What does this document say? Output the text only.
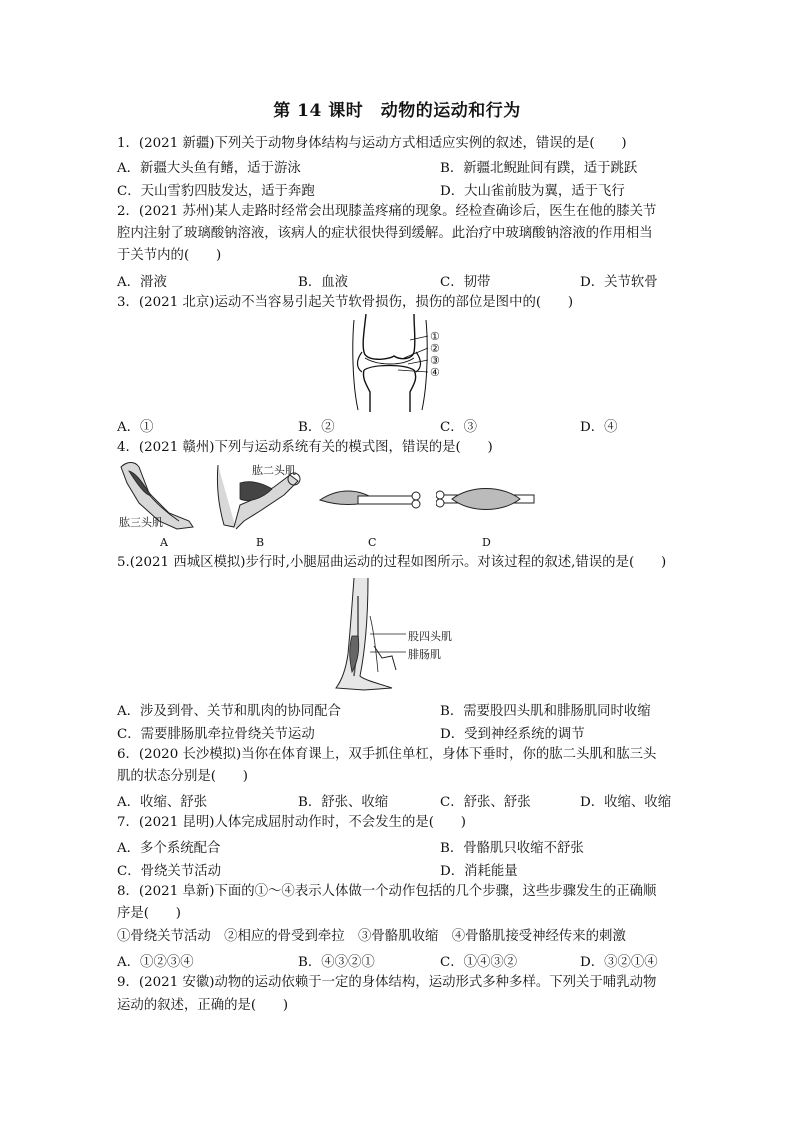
第 14 课时　动物的运动和行为
1．(2021 新疆)下列关于动物身体结构与运动方式相适应实例的叙述，错误的是(　　)
A．新疆大头鱼有鳍，适于游泳	B．新疆北鲵趾间有蹼，适于跳跃
C．天山雪豹四肢发达，适于奔跑	D．大山雀前肢为翼，适于飞行
2．(2021 苏州)某人走路时经常会出现膝盖疼痛的现象。经检查确诊后，医生在他的膝关节
腔内注射了玻璃酸钠溶液，该病人的症状很快得到缓解。此治疗中玻璃酸钠溶液的作用相当
于关节内的(　　)
A．滑液	B．血液	C．韧带	D．关节软骨
3．(2021 北京)运动不当容易引起关节软骨损伤，损伤的部位是图中的(　　)
①
②
③
④
A．①	B．②	C．③	D．④
4．(2021 赣州)下列与运动系统有关的模式图，错误的是(　　)
肱三头肌
肱二头肌
A	B	C	D
5.(2021 西城区模拟)步行时,小腿屈曲运动的过程如图所示。对该过程的叙述,错误的是(　　)
股四头肌
腓肠肌
A．涉及到骨、关节和肌肉的协同配合	B．需要股四头肌和腓肠肌同时收缩
C．需要腓肠肌牵拉骨绕关节运动	D．受到神经系统的调节
6．(2020 长沙模拟)当你在体育课上，双手抓住单杠，身体下垂时，你的肱二头肌和肱三头
肌的状态分别是(　　)
A．收缩、舒张	B．舒张、收缩	C．舒张、舒张	D．收缩、收缩
7．(2021 昆明)人体完成屈肘动作时，不会发生的是(　　)
A．多个系统配合	B．骨骼肌只收缩不舒张
C．骨绕关节活动	D．消耗能量
8．(2021 阜新)下面的①～④表示人体做一个动作包括的几个步骤，这些步骤发生的正确顺
序是(　　)
①骨绕关节活动　②相应的骨受到牵拉　③骨骼肌收缩　④骨骼肌接受神经传来的刺激
A．①②③④	B．④③②①	C．①④③②	D．③②①④
9．(2021 安徽)动物的运动依赖于一定的身体结构，运动形式多种多样。下列关于哺乳动物
运动的叙述，正确的是(　　)
